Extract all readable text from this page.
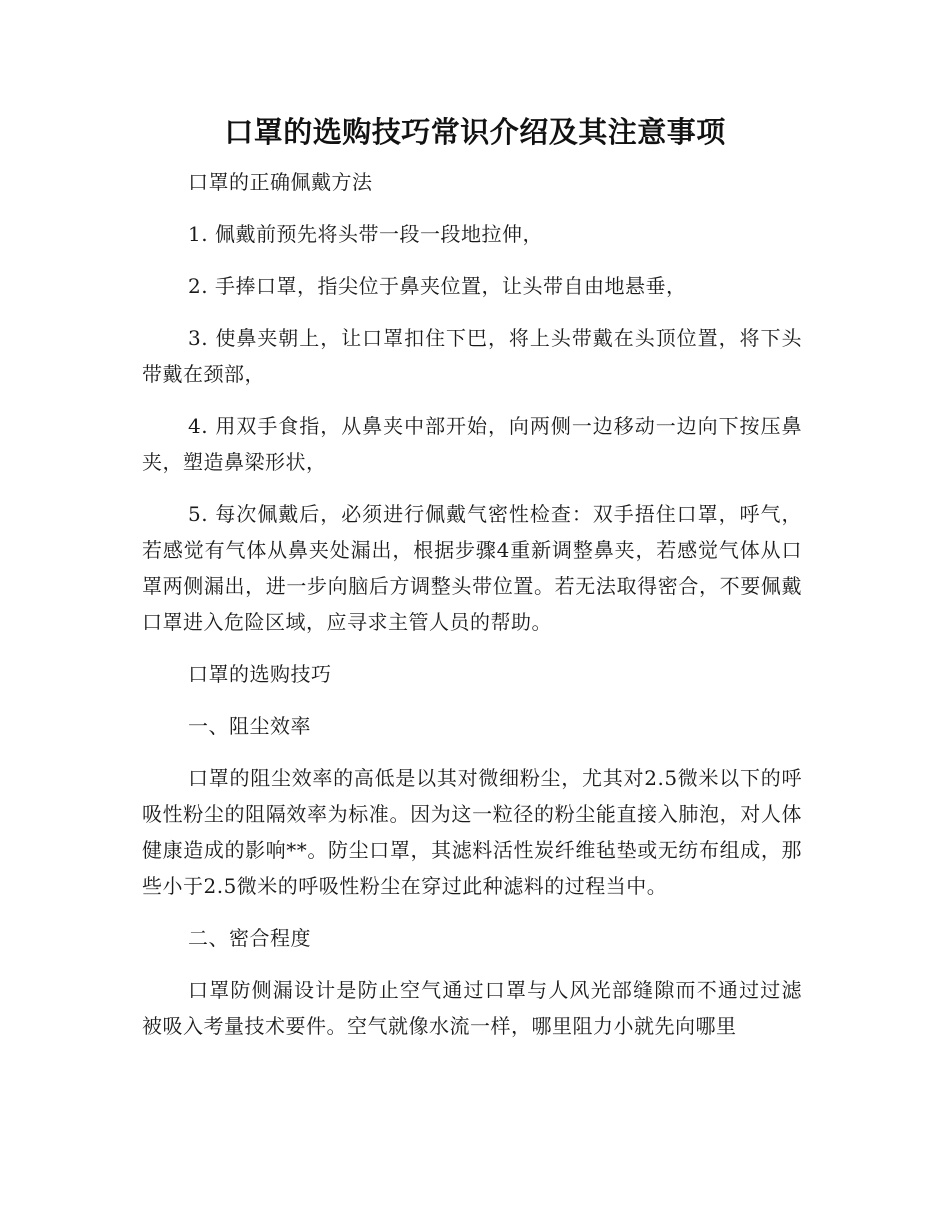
口罩的选购技巧常识介绍及其注意事项

口罩的正确佩戴方法

1. 佩戴前预先将头带一段一段地拉伸，

2. 手捧口罩，指尖位于鼻夹位置，让头带自由地悬垂，

3. 使鼻夹朝上，让口罩扣住下巴，将上头带戴在头顶位置，将下头带戴在颈部，

4. 用双手食指，从鼻夹中部开始，向两侧一边移动一边向下按压鼻夹，塑造鼻梁形状，

5. 每次佩戴后，必须进行佩戴气密性检查：双手捂住口罩，呼气，若感觉有气体从鼻夹处漏出，根据步骤4重新调整鼻夹，若感觉气体从口罩两侧漏出，进一步向脑后方调整头带位置。若无法取得密合，不要佩戴口罩进入危险区域，应寻求主管人员的帮助。

口罩的选购技巧

一、阻尘效率

口罩的阻尘效率的高低是以其对微细粉尘，尤其对2.5微米以下的呼吸性粉尘的阻隔效率为标准。因为这一粒径的粉尘能直接入肺泡，对人体健康造成的影响**。防尘口罩，其滤料活性炭纤维毡垫或无纺布组成，那些小于2.5微米的呼吸性粉尘在穿过此种滤料的过程当中。

二、密合程度

口罩防侧漏设计是防止空气通过口罩与人风光部缝隙而不通过过滤被吸入考量技术要件。空气就像水流一样，哪里阻力小就先向哪里
